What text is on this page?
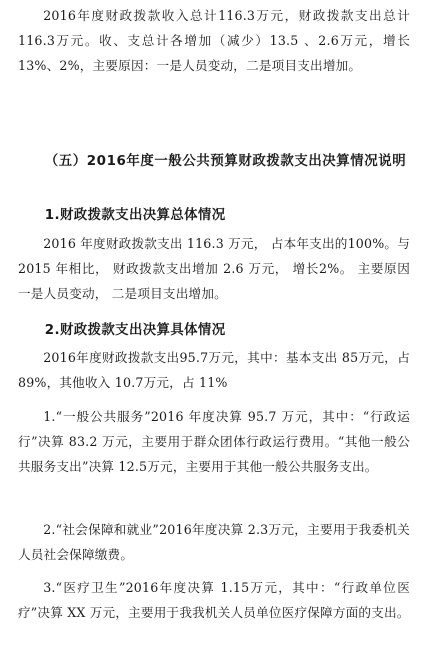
2016年度财政拨款收入总计116.3万元，财政拨款支出总计116.3万元。收、支总计各增加（减少）13.5 、2.6万元，增长13%、2%，主要原因：一是人员变动，二是项目支出增加。

（五）2016年度一般公共预算财政拨款支出决算情况说明

1.财政拨款支出决算总体情况

2016 年度财政拨款支出 116.3 万元， 占本年支出的100%。与 2015 年相比， 财政拨款支出增加 2.6 万元， 增长2%。 主要原因一是人员变动， 二是项目支出增加。

2.财政拨款支出决算具体情况

2016年度财政拨款支出95.7万元，其中：基本支出 85万元，占 89%，其他收入 10.7万元，占 11%

1.“一般公共服务”2016 年度决算 95.7 万元，其中：“行政运行”决算 83.2 万元，主要用于群众团体行政运行费用。“其他一般公共服务支出”决算 12.5万元，主要用于其他一般公共服务支出。

2.“社会保障和就业”2016年度决算 2.3万元，主要用于我委机关人员社会保障缴费。

3.“医疗卫生”2016年度决算 1.15万元，其中：“行政单位医疗”决算 XX 万元，主要用于我我机关人员单位医疗保障方面的支出。
